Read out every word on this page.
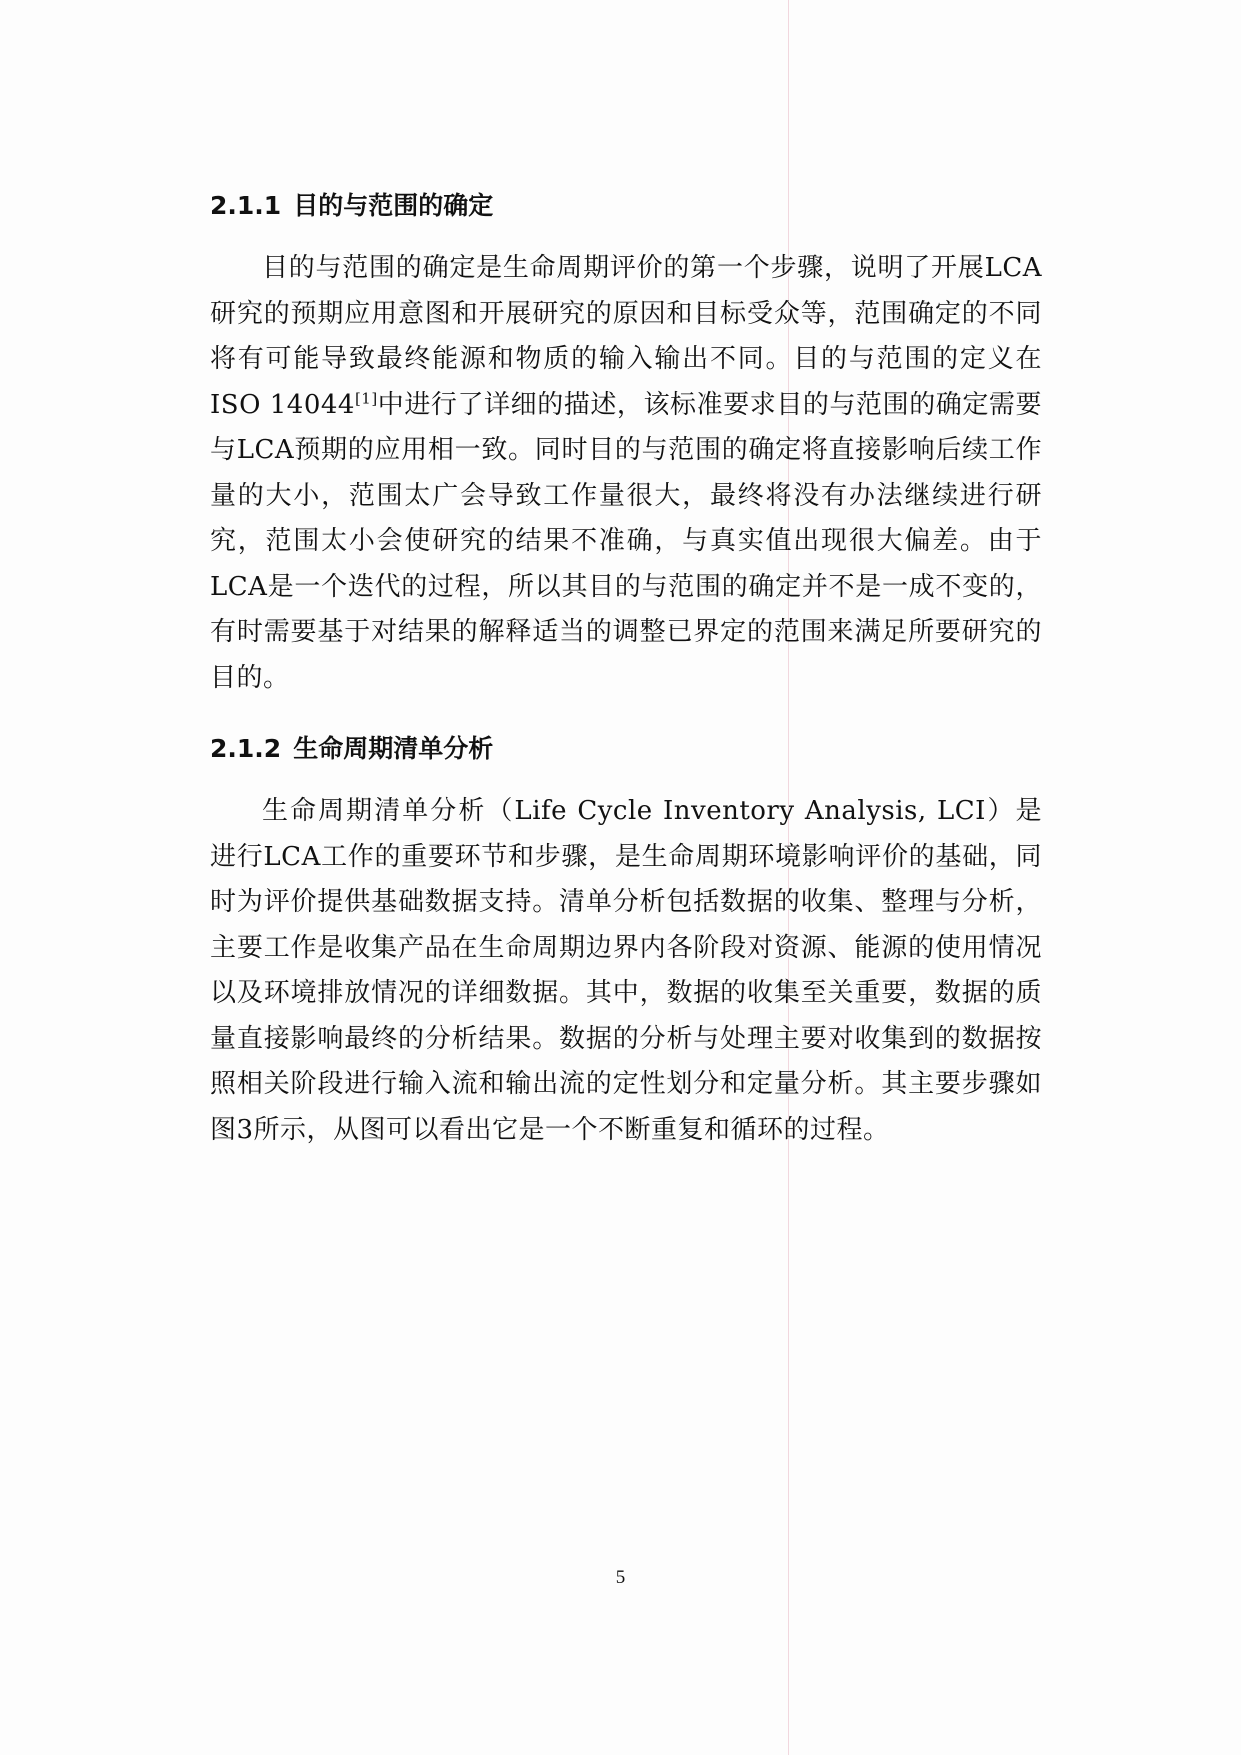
2.1.1 目的与范围的确定

目的与范围的确定是生命周期评价的第一个步骤，说明了开展LCA研究的预期应用意图和开展研究的原因和目标受众等，范围确定的不同将有可能导致最终能源和物质的输入输出不同。目的与范围的定义在ISO 14044[1]中进行了详细的描述，该标准要求目的与范围的确定需要与LCA预期的应用相一致。同时目的与范围的确定将直接影响后续工作量的大小，范围太广会导致工作量很大，最终将没有办法继续进行研究，范围太小会使研究的结果不准确，与真实值出现很大偏差。由于LCA是一个迭代的过程，所以其目的与范围的确定并不是一成不变的，有时需要基于对结果的解释适当的调整已界定的范围来满足所要研究的目的。

2.1.2 生命周期清单分析

生命周期清单分析（Life Cycle Inventory Analysis, LCI）是进行LCA工作的重要环节和步骤，是生命周期环境影响评价的基础，同时为评价提供基础数据支持。清单分析包括数据的收集、整理与分析，主要工作是收集产品在生命周期边界内各阶段对资源、能源的使用情况以及环境排放情况的详细数据。其中，数据的收集至关重要，数据的质量直接影响最终的分析结果。数据的分析与处理主要对收集到的数据按照相关阶段进行输入流和输出流的定性划分和定量分析。其主要步骤如图3所示，从图可以看出它是一个不断重复和循环的过程。

5
